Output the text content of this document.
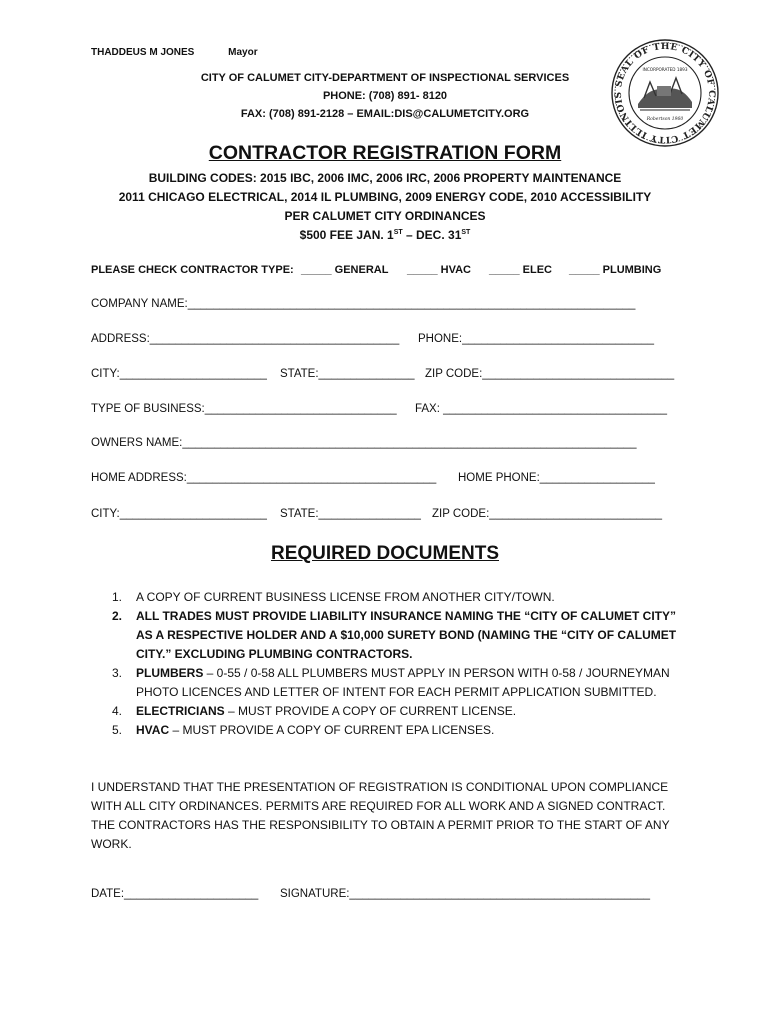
THADDEUS M JONES	Mayor
CITY OF CALUMET CITY-DEPARTMENT OF INSPECTIONAL SERVICES
PHONE: (708) 891- 8120
FAX: (708) 891-2128 – EMAIL:DIS@CALUMETCITY.ORG
SEAL OF THE CITY OF CALUMET CITY ILLINOIS
INCORPORATED 1893
Robertson 1960
CONTRACTOR REGISTRATION FORM
BUILDING CODES: 2015 IBC, 2006 IMC, 2006 IRC, 2006 PROPERTY MAINTENANCE
2011 CHICAGO ELECTRICAL, 2014 IL PLUMBING, 2009 ENERGY CODE, 2010 ACCESSIBILITY
PER CALUMET CITY ORDINANCES
$500 FEE JAN. 1ST – DEC. 31ST
PLEASE CHECK CONTRACTOR TYPE: _____ GENERAL _____ HVAC _____ ELEC _____ PLUMBING
COMPANY NAME:______________________________________________________________________
ADDRESS:_______________________________________ PHONE:______________________________
CITY:_______________________ STATE:_______________ ZIP CODE:______________________________
TYPE OF BUSINESS:______________________________ FAX: ___________________________________
OWNERS NAME:_______________________________________________________________________
HOME ADDRESS:_______________________________________ HOME PHONE:__________________
CITY:_______________________ STATE:________________ ZIP CODE:___________________________
REQUIRED DOCUMENTS
1. A COPY OF CURRENT BUSINESS LICENSE FROM ANOTHER CITY/TOWN.
2. ALL TRADES MUST PROVIDE LIABILITY INSURANCE NAMING THE “CITY OF CALUMET CITY” AS A RESPECTIVE HOLDER AND A $10,000 SURETY BOND (NAMING THE “CITY OF CALUMET CITY.” EXCLUDING PLUMBING CONTRACTORS.
3. PLUMBERS – 0-55 / 0-58 ALL PLUMBERS MUST APPLY IN PERSON WITH 0-58 / JOURNEYMAN PHOTO LICENCES AND LETTER OF INTENT FOR EACH PERMIT APPLICATION SUBMITTED.
4. ELECTRICIANS – MUST PROVIDE A COPY OF CURRENT LICENSE.
5. HVAC – MUST PROVIDE A COPY OF CURRENT EPA LICENSES.
I UNDERSTAND THAT THE PRESENTATION OF REGISTRATION IS CONDITIONAL UPON COMPLIANCE WITH ALL CITY ORDINANCES. PERMITS ARE REQUIRED FOR ALL WORK AND A SIGNED CONTRACT. THE CONTRACTORS HAS THE RESPONSIBILITY TO OBTAIN A PERMIT PRIOR TO THE START OF ANY WORK.
DATE:_____________________ SIGNATURE:_______________________________________________
